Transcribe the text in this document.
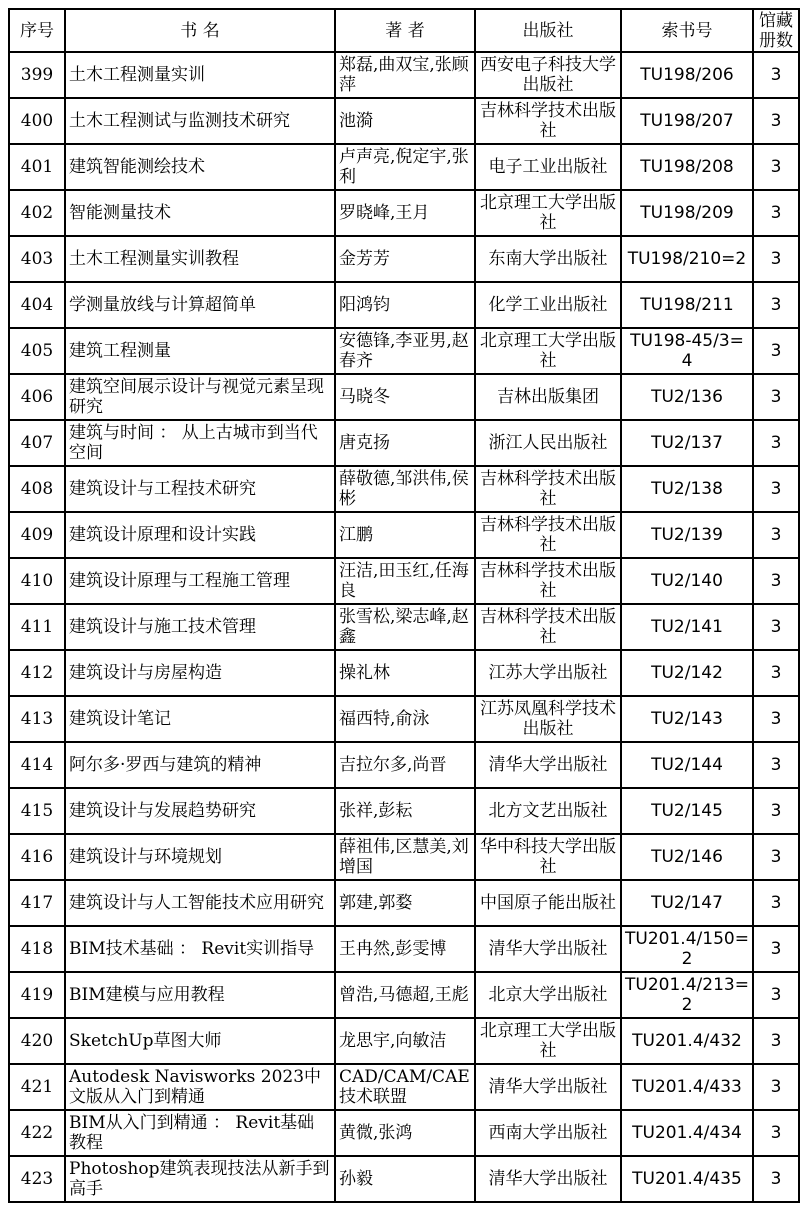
序号	书 名	著 者	出版社	索书号	馆藏册数
399	土木工程测量实训	郑磊,曲双宝,张顾萍	西安电子科技大学出版社	TU198/206	3
400	土木工程测试与监测技术研究	池漪	吉林科学技术出版社	TU198/207	3
401	建筑智能测绘技术	卢声亮,倪定宇,张利	电子工业出版社	TU198/208	3
402	智能测量技术	罗晓峰,王月	北京理工大学出版社	TU198/209	3
403	土木工程测量实训教程	金芳芳	东南大学出版社	TU198/210=2	3
404	学测量放线与计算超简单	阳鸿钧	化学工业出版社	TU198/211	3
405	建筑工程测量	安德锋,李亚男,赵春齐	北京理工大学出版社	TU198-45/3=4	3
406	建筑空间展示设计与视觉元素呈现研究	马晓冬	吉林出版集团	TU2/136	3
407	建筑与时间 ： 从上古城市到当代空间	唐克扬	浙江人民出版社	TU2/137	3
408	建筑设计与工程技术研究	薛敬德,邹洪伟,侯彬	吉林科学技术出版社	TU2/138	3
409	建筑设计原理和设计实践	江鹏	吉林科学技术出版社	TU2/139	3
410	建筑设计原理与工程施工管理	汪洁,田玉红,任海良	吉林科学技术出版社	TU2/140	3
411	建筑设计与施工技术管理	张雪松,梁志峰,赵鑫	吉林科学技术出版社	TU2/141	3
412	建筑设计与房屋构造	操礼林	江苏大学出版社	TU2/142	3
413	建筑设计笔记	福西特,俞泳	江苏凤凰科学技术出版社	TU2/143	3
414	阿尔多·罗西与建筑的精神	吉拉尔多,尚晋	清华大学出版社	TU2/144	3
415	建筑设计与发展趋势研究	张祥,彭耘	北方文艺出版社	TU2/145	3
416	建筑设计与环境规划	薛祖伟,区慧美,刘增国	华中科技大学出版社	TU2/146	3
417	建筑设计与人工智能技术应用研究	郭建,郭婺	中国原子能出版社	TU2/147	3
418	BIM技术基础 ： Revit实训指导	王冉然,彭雯博	清华大学出版社	TU201.4/150=2	3
419	BIM建模与应用教程	曾浩,马德超,王彪	北京大学出版社	TU201.4/213=2	3
420	SketchUp草图大师	龙思宇,向敏洁	北京理工大学出版社	TU201.4/432	3
421	Autodesk Navisworks 2023中文版从入门到精通	CAD/CAM/CAE技术联盟	清华大学出版社	TU201.4/433	3
422	BIM从入门到精通 ： Revit基础教程	黄微,张鸿	西南大学出版社	TU201.4/434	3
423	Photoshop建筑表现技法从新手到高手	孙毅	清华大学出版社	TU201.4/435	3
